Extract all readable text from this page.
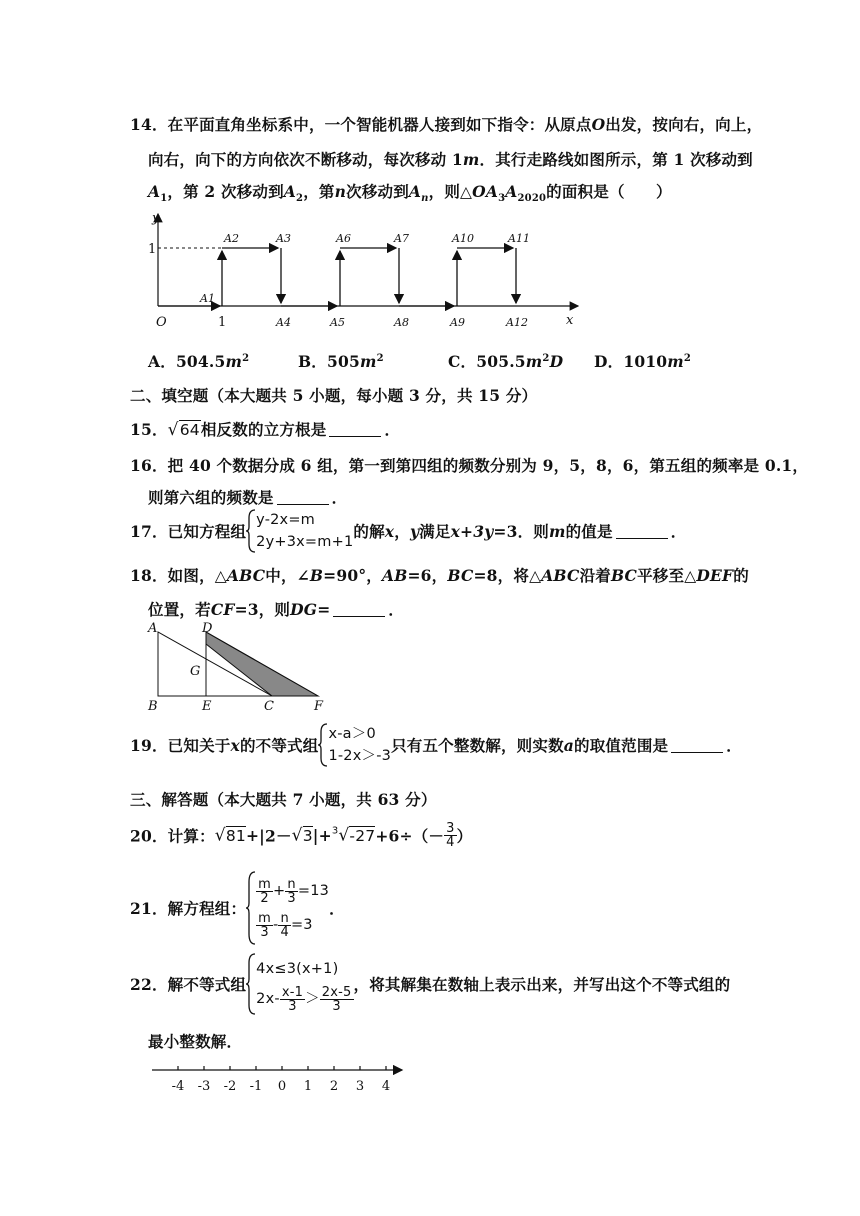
14．在平面直角坐标系中，一个智能机器人接到如下指令：从原点O出发，按向右，向上，
向右，向下的方向依次不断移动，每次移动 1m．其行走路线如图所示，第 1 次移动到
$A_1$，第 2 次移动到$A_2$，第n次移动到$A_n$，则$\triangle OA_3A_{2020}$的面积是（　　）
y
x
O
1
1
A1
A2	A3	A6	A7	A10	A11
A4	A5	A8	A9	A12
A．$504.5m^2$	B．$505m^2$	C．$505.5m^2D$ D．$1010m^2$
二、填空题（本大题共 5 小题，每小题 3 分，共 15 分）
15．√64相反数的立方根是	．
16．把 40 个数据分成 6 组，第一到第四组的频数分别为 9，5，8，6，第五组的频率是 0.1，
则第六组的频数是	．
17．已知方程组
y-2x=m
2y+3x=m+1
的解x，y满足x+3y=3．则m的值是	．
18．如图，△ABC中，∠B=90°，AB=6，BC=8，将△ABC沿着BC平移至△DEF的
位置，若CF=3，则DG=	．
A	D
G
B	E	C	F
19．已知关于x的不等式组
x-a＞0
1-2x＞-3
只有五个整数解，则实数a的取值范围是	．
三、解答题（本大题共 7 小题，共 63 分）
20．计算：$√81+|2-√3|+^3√-27+6\div(- \frac{3}{4}$ ）
21．解方程组：
$\frac{m}{2} + \frac{n}{3} =13$
$\frac{m}{3} - \frac{n}{4} =3$
．
22．解不等式组
4x≤3(x+1)
$2x- \frac{x-1}{3} > \frac{2x-5}{3}$
，将其解集在数轴上表示出来，并写出这个不等式组的
最小整数解．
-4 -3 -2 -1 0 1 2 3 4
